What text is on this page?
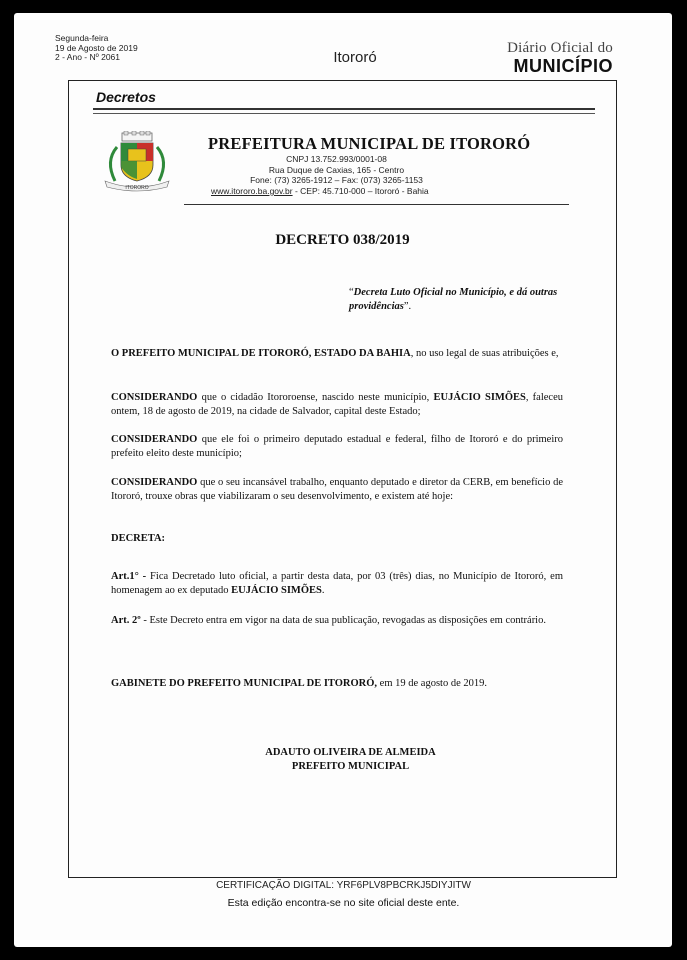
Segunda-feira
19 de Agosto de 2019
2 - Ano - Nº 2061	Itororó
Diário Oficial do
MUNICÍPIO
Decretos
ITORORO
PREFEITURA MUNICIPAL DE ITORORÓ
CNPJ 13.752.993/0001-08
Rua Duque de Caxias, 165 - Centro
Fone: (73) 3265-1912 – Fax: (073) 3265-1153
www.itororo.ba.gov.br - CEP: 45.710-000 – Itororó - Bahia
DECRETO 038/2019
“Decreta Luto Oficial no Município, e dá outras providências”.
O PREFEITO MUNICIPAL DE ITORORÓ, ESTADO DA BAHIA, no uso legal de suas atribuições e,
CONSIDERANDO que o cidadão Itororoense, nascido neste município, EUJÁCIO SIMÕES, faleceu ontem, 18 de agosto de 2019, na cidade de Salvador, capital deste Estado;
CONSIDERANDO que ele foi o primeiro deputado estadual e federal, filho de Itororó e do primeiro prefeito eleito deste município;
CONSIDERANDO que o seu incansável trabalho, enquanto deputado e diretor da CERB, em benefício de Itororó, trouxe obras que viabilizaram o seu desenvolvimento, e existem até hoje:
DECRETA:
Art.1° - Fica Decretado luto oficial, a partir desta data, por 03 (três) dias, no Município de Itororó, em homenagem ao ex deputado EUJÁCIO SIMÕES.
Art. 2º - Este Decreto entra em vigor na data de sua publicação, revogadas as disposições em contrário.
GABINETE DO PREFEITO MUNICIPAL DE ITORORÓ, em 19 de agosto de 2019.
ADAUTO OLIVEIRA DE ALMEIDA
PREFEITO MUNICIPAL
CERTIFICAÇÃO DIGITAL: YRF6PLV8PBCRKJ5DIYJITW
Esta edição encontra-se no site oficial deste ente.
